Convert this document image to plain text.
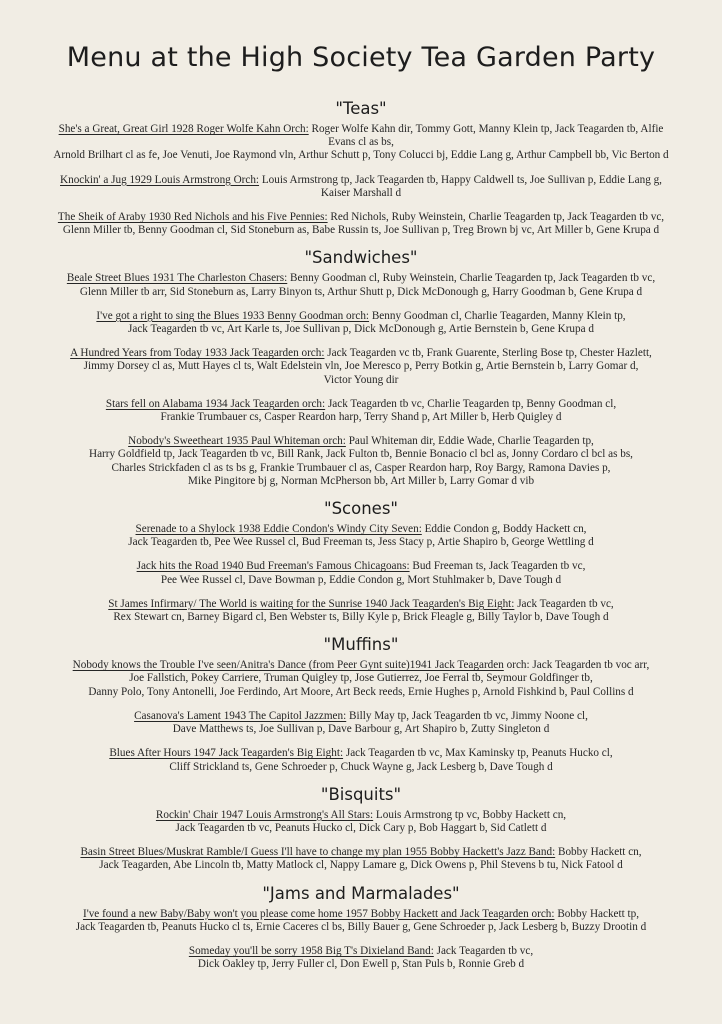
Menu at the High Society Tea Garden Party
"Teas"
She's a Great, Great Girl 1928 Roger Wolfe Kahn Orch: Roger Wolfe Kahn dir, Tommy Gott, Manny Klein tp, Jack Teagarden tb, Alfie
Evans cl as bs,
Arnold Brilhart cl as fe, Joe Venuti, Joe Raymond vln, Arthur Schutt p, Tony Colucci bj, Eddie Lang g, Arthur Campbell bb, Vic Berton d
Knockin' a Jug 1929 Louis Armstrong Orch: Louis Armstrong tp, Jack Teagarden tb, Happy Caldwell ts, Joe Sullivan p, Eddie Lang g,
Kaiser Marshall d
The Sheik of Araby 1930 Red Nichols and his Five Pennies: Red Nichols, Ruby Weinstein, Charlie Teagarden tp, Jack Teagarden tb vc,
Glenn Miller tb, Benny Goodman cl, Sid Stoneburn as, Babe Russin ts, Joe Sullivan p, Treg Brown bj vc, Art Miller b, Gene Krupa d
"Sandwiches"
Beale Street Blues 1931 The Charleston Chasers: Benny Goodman cl, Ruby Weinstein, Charlie Teagarden tp, Jack Teagarden tb vc,
Glenn Miller tb arr, Sid Stoneburn as, Larry Binyon ts, Arthur Shutt p, Dick McDonough g, Harry Goodman b, Gene Krupa d
I've got a right to sing the Blues 1933 Benny Goodman orch: Benny Goodman cl, Charlie Teagarden, Manny Klein tp,
Jack Teagarden tb vc, Art Karle ts, Joe Sullivan p, Dick McDonough g, Artie Bernstein b, Gene Krupa d
A Hundred Years from Today 1933 Jack Teagarden orch: Jack Teagarden vc tb, Frank Guarente, Sterling Bose tp, Chester Hazlett,
Jimmy Dorsey cl as, Mutt Hayes cl ts, Walt Edelstein vln, Joe Meresco p, Perry Botkin g, Artie Bernstein b, Larry Gomar d,
Victor Young dir
Stars fell on Alabama 1934 Jack Teagarden orch: Jack Teagarden tb vc, Charlie Teagarden tp, Benny Goodman cl,
Frankie Trumbauer cs, Casper Reardon harp, Terry Shand p, Art Miller b, Herb Quigley d
Nobody's Sweetheart 1935 Paul Whiteman orch: Paul Whiteman dir, Eddie Wade, Charlie Teagarden tp,
Harry Goldfield tp, Jack Teagarden tb vc, Bill Rank, Jack Fulton tb, Bennie Bonacio cl bcl as, Jonny Cordaro cl bcl as bs,
Charles Strickfaden cl as ts bs g, Frankie Trumbauer cl as, Casper Reardon harp, Roy Bargy, Ramona Davies p,
Mike Pingitore bj g, Norman McPherson bb, Art Miller b, Larry Gomar d vib
"Scones"
Serenade to a Shylock 1938 Eddie Condon's Windy City Seven: Eddie Condon g, Boddy Hackett cn,
Jack Teagarden tb, Pee Wee Russel cl, Bud Freeman ts, Jess Stacy p, Artie Shapiro b, George Wettling d
Jack hits the Road 1940 Bud Freeman's Famous Chicagoans: Bud Freeman ts, Jack Teagarden tb vc,
Pee Wee Russel cl, Dave Bowman p, Eddie Condon g, Mort Stuhlmaker b, Dave Tough d
St James Infirmary/ The World is waiting for the Sunrise 1940 Jack Teagarden's Big Eight: Jack Teagarden tb vc,
Rex Stewart cn, Barney Bigard cl, Ben Webster ts, Billy Kyle p, Brick Fleagle g, Billy Taylor b, Dave Tough d
"Muffins"
Nobody knows the Trouble I've seen/Anitra's Dance (from Peer Gynt suite)1941 Jack Teagarden orch: Jack Teagarden tb voc arr,
Joe Fallstich, Pokey Carriere, Truman Quigley tp, Jose Gutierrez, Joe Ferral tb, Seymour Goldfinger tb,
Danny Polo, Tony Antonelli, Joe Ferdindo, Art Moore, Art Beck reeds, Ernie Hughes p, Arnold Fishkind b, Paul Collins d
Casanova's Lament 1943 The Capitol Jazzmen: Billy May tp, Jack Teagarden tb vc, Jimmy Noone cl,
Dave Matthews ts, Joe Sullivan p, Dave Barbour g, Art Shapiro b, Zutty Singleton d
Blues After Hours 1947 Jack Teagarden's Big Eight: Jack Teagarden tb vc, Max Kaminsky tp, Peanuts Hucko cl,
Cliff Strickland ts, Gene Schroeder p, Chuck Wayne g, Jack Lesberg b, Dave Tough d
"Bisquits"
Rockin' Chair 1947 Louis Armstrong's All Stars: Louis Armstrong tp vc, Bobby Hackett cn,
Jack Teagarden tb vc, Peanuts Hucko cl, Dick Cary p, Bob Haggart b, Sid Catlett d
Basin Street Blues/Muskrat Ramble/I Guess I'll have to change my plan 1955 Bobby Hackett's Jazz Band: Bobby Hackett cn,
Jack Teagarden, Abe Lincoln tb, Matty Matlock cl, Nappy Lamare g, Dick Owens p, Phil Stevens b tu, Nick Fatool d
"Jams and Marmalades"
I've found a new Baby/Baby won't you please come home 1957 Bobby Hackett and Jack Teagarden orch: Bobby Hackett tp,
Jack Teagarden tb, Peanuts Hucko cl ts, Ernie Caceres cl bs, Billy Bauer g, Gene Schroeder p, Jack Lesberg b, Buzzy Drootin d
Someday you'll be sorry 1958 Big T's Dixieland Band: Jack Teagarden tb vc,
Dick Oakley tp, Jerry Fuller cl, Don Ewell p, Stan Puls b, Ronnie Greb d
